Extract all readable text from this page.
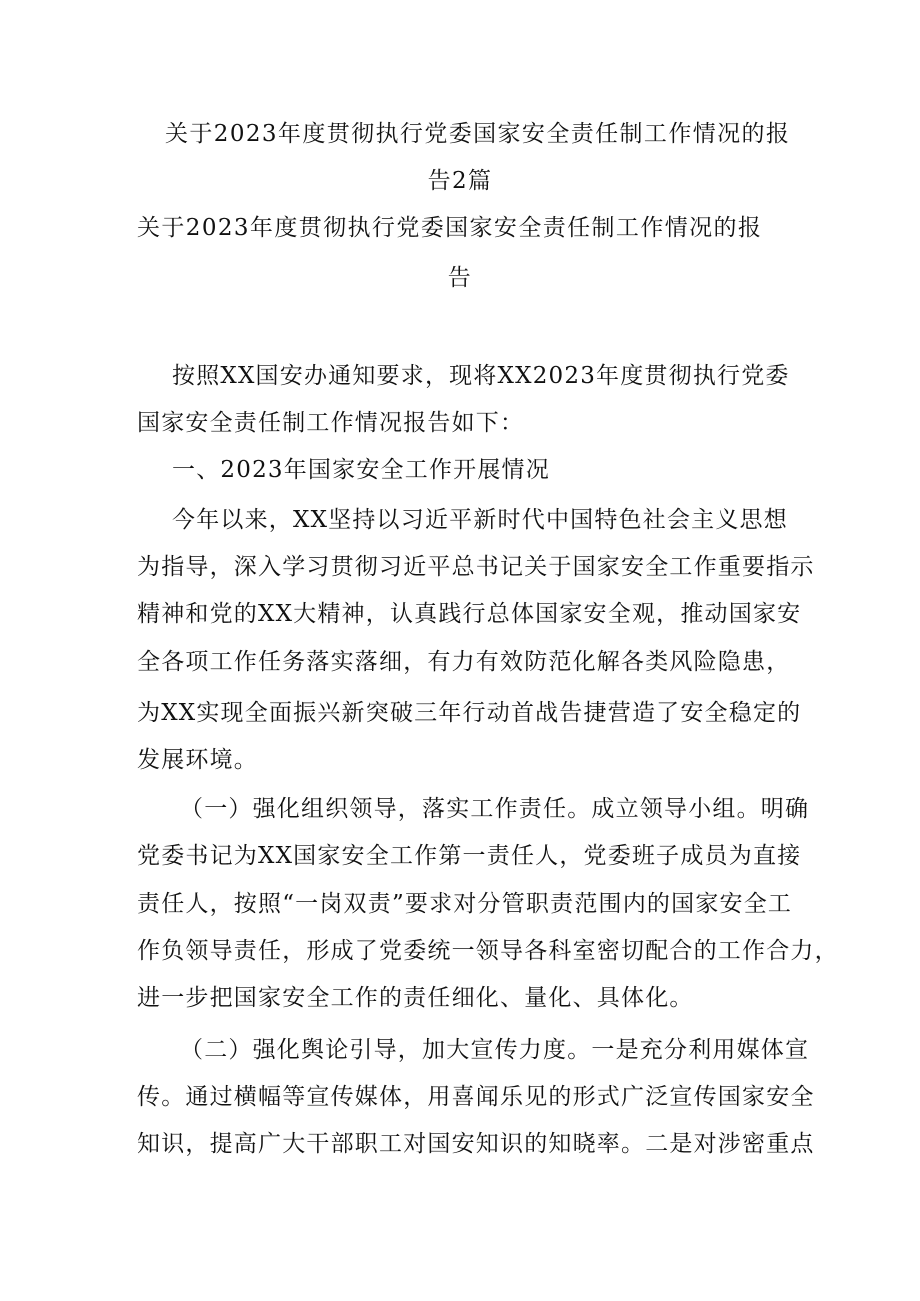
关于2023年度贯彻执行党委国家安全责任制工作情况的报
告2篇
关于2023年度贯彻执行党委国家安全责任制工作情况的报
告
按照XX国安办通知要求，现将XX2023年度贯彻执行党委
国家安全责任制工作情况报告如下：
一、2023年国家安全工作开展情况
今年以来，XX坚持以习近平新时代中国特色社会主义思想
为指导，深入学习贯彻习近平总书记关于国家安全工作重要指示
精神和党的XX大精神，认真践行总体国家安全观，推动国家安
全各项工作任务落实落细，有力有效防范化解各类风险隐患，
为XX实现全面振兴新突破三年行动首战告捷营造了安全稳定的
发展环境。
（一）强化组织领导，落实工作责任。成立领导小组。明确
党委书记为XX国家安全工作第一责任人，党委班子成员为直接
责任人，按照“一岗双责”要求对分管职责范围内的国家安全工
作负领导责任，形成了党委统一领导各科室密切配合的工作合力，
进一步把国家安全工作的责任细化、量化、具体化。
（二）强化舆论引导，加大宣传力度。一是充分利用媒体宣
传。通过横幅等宣传媒体，用喜闻乐见的形式广泛宣传国家安全
知识，提高广大干部职工对国安知识的知晓率。二是对涉密重点
